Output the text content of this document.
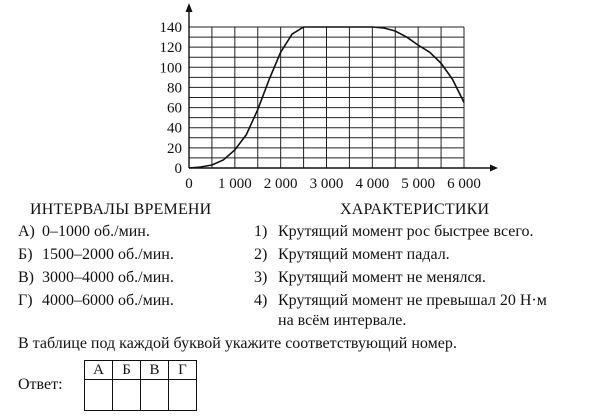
0
20
40
60
80
100
120
140
0 1 000 2 000 3 000 4 000 5 000 6 000
ИНТЕРВАЛЫ ВРЕМЕНИ	ХАРАКТЕРИСТИКИ
А) 0–1000 об./мин.
Б) 1500–2000 об./мин.
В) 3000–4000 об./мин.
Г) 4000–6000 об./мин.
1) Крутящий момент рос быстрее всего.
2) Крутящий момент падал.
3) Крутящий момент не менялся.
4) Крутящий момент не превышал 20 Н·м
на всём интервале.
В таблице под каждой буквой укажите соответствующий номер.
Ответ:
А	Б	В	Г
